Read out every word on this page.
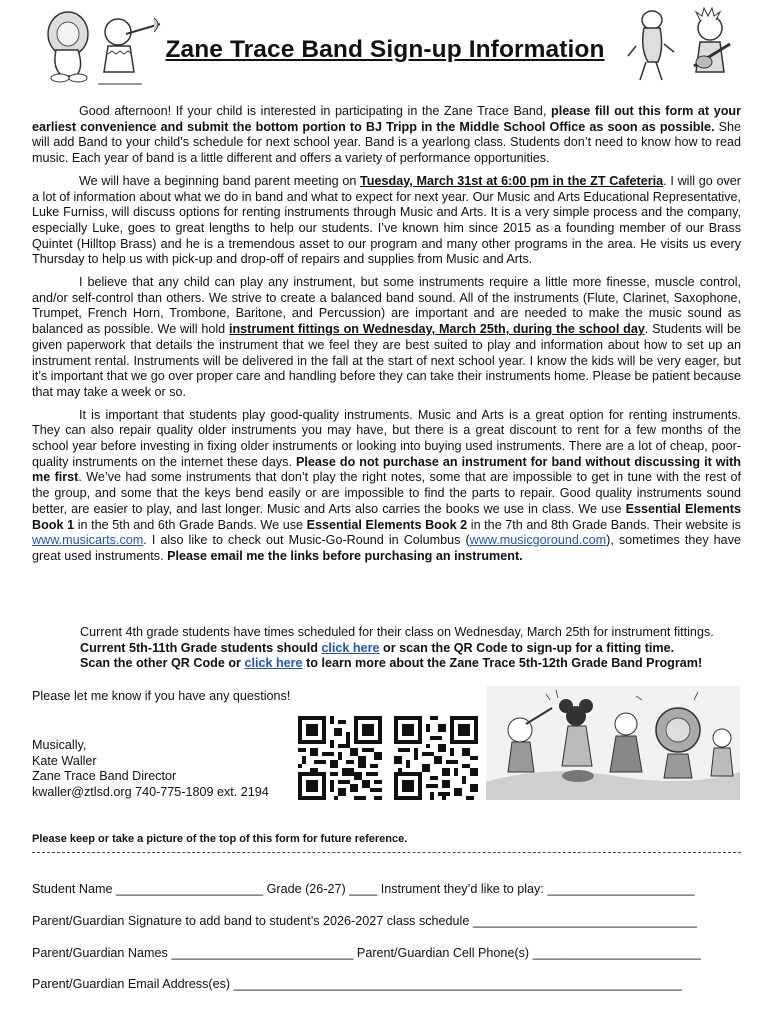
Zane Trace Band Sign-up Information

Good afternoon! If your child is interested in participating in the Zane Trace Band, please fill out this form at your earliest convenience and submit the bottom portion to BJ Tripp in the Middle School Office as soon as possible. She will add Band to your child’s schedule for next school year. Band is a yearlong class. Students don’t need to know how to read music. Each year of band is a little different and offers a variety of performance opportunities.

We will have a beginning band parent meeting on Tuesday, March 31st at 6:00 pm in the ZT Cafeteria. I will go over a lot of information about what we do in band and what to expect for next year. Our Music and Arts Educational Representative, Luke Furniss, will discuss options for renting instruments through Music and Arts. It is a very simple process and the company, especially Luke, goes to great lengths to help our students. I’ve known him since 2015 as a founding member of our Brass Quintet (Hilltop Brass) and he is a tremendous asset to our program and many other programs in the area. He visits us every Thursday to help us with pick-up and drop-off of repairs and supplies from Music and Arts.

I believe that any child can play any instrument, but some instruments require a little more finesse, muscle control, and/or self-control than others. We strive to create a balanced band sound. All of the instruments (Flute, Clarinet, Saxophone, Trumpet, French Horn, Trombone, Baritone, and Percussion) are important and are needed to make the music sound as balanced as possible. We will hold instrument fittings on Wednesday, March 25th, during the school day. Students will be given paperwork that details the instrument that we feel they are best suited to play and information about how to set up an instrument rental. Instruments will be delivered in the fall at the start of next school year. I know the kids will be very eager, but it’s important that we go over proper care and handling before they can take their instruments home. Please be patient because that may take a week or so.

It is important that students play good-quality instruments. Music and Arts is a great option for renting instruments. They can also repair quality older instruments you may have, but there is a great discount to rent for a few months of the school year before investing in fixing older instruments or looking into buying used instruments. There are a lot of cheap, poor-quality instruments on the internet these days. Please do not purchase an instrument for band without discussing it with me first. We’ve had some instruments that don’t play the right notes, some that are impossible to get in tune with the rest of the group, and some that the keys bend easily or are impossible to find the parts to repair. Good quality instruments sound better, are easier to play, and last longer. Music and Arts also carries the books we use in class. We use Essential Elements Book 1 in the 5th and 6th Grade Bands. We use Essential Elements Book 2 in the 7th and 8th Grade Bands. Their website is www.musicarts.com. I also like to check out Music-Go-Round in Columbus (www.musicgoround.com), sometimes they have great used instruments. Please email me the links before purchasing an instrument.

Current 4th grade students have times scheduled for their class on Wednesday, March 25th for instrument fittings.
Current 5th-11th Grade students should click here or scan the QR Code to sign-up for a fitting time.
Scan the other QR Code or click here to learn more about the Zane Trace 5th-12th Grade Band Program!
Please let me know if you have any questions!
Musically,
Kate Waller
Zane Trace Band Director
kwaller@ztlsd.org 740-775-1809 ext. 2194
Please keep or take a picture of the top of this form for future reference.
Student Name _____________________ Grade (26-27) ____ Instrument they’d like to play: _____________________
Parent/Guardian Signature to add band to student’s 2026-2027 class schedule ________________________________
Parent/Guardian Names __________________________ Parent/Guardian Cell Phone(s) ________________________
Parent/Guardian Email Address(es) ________________________________________________________________
